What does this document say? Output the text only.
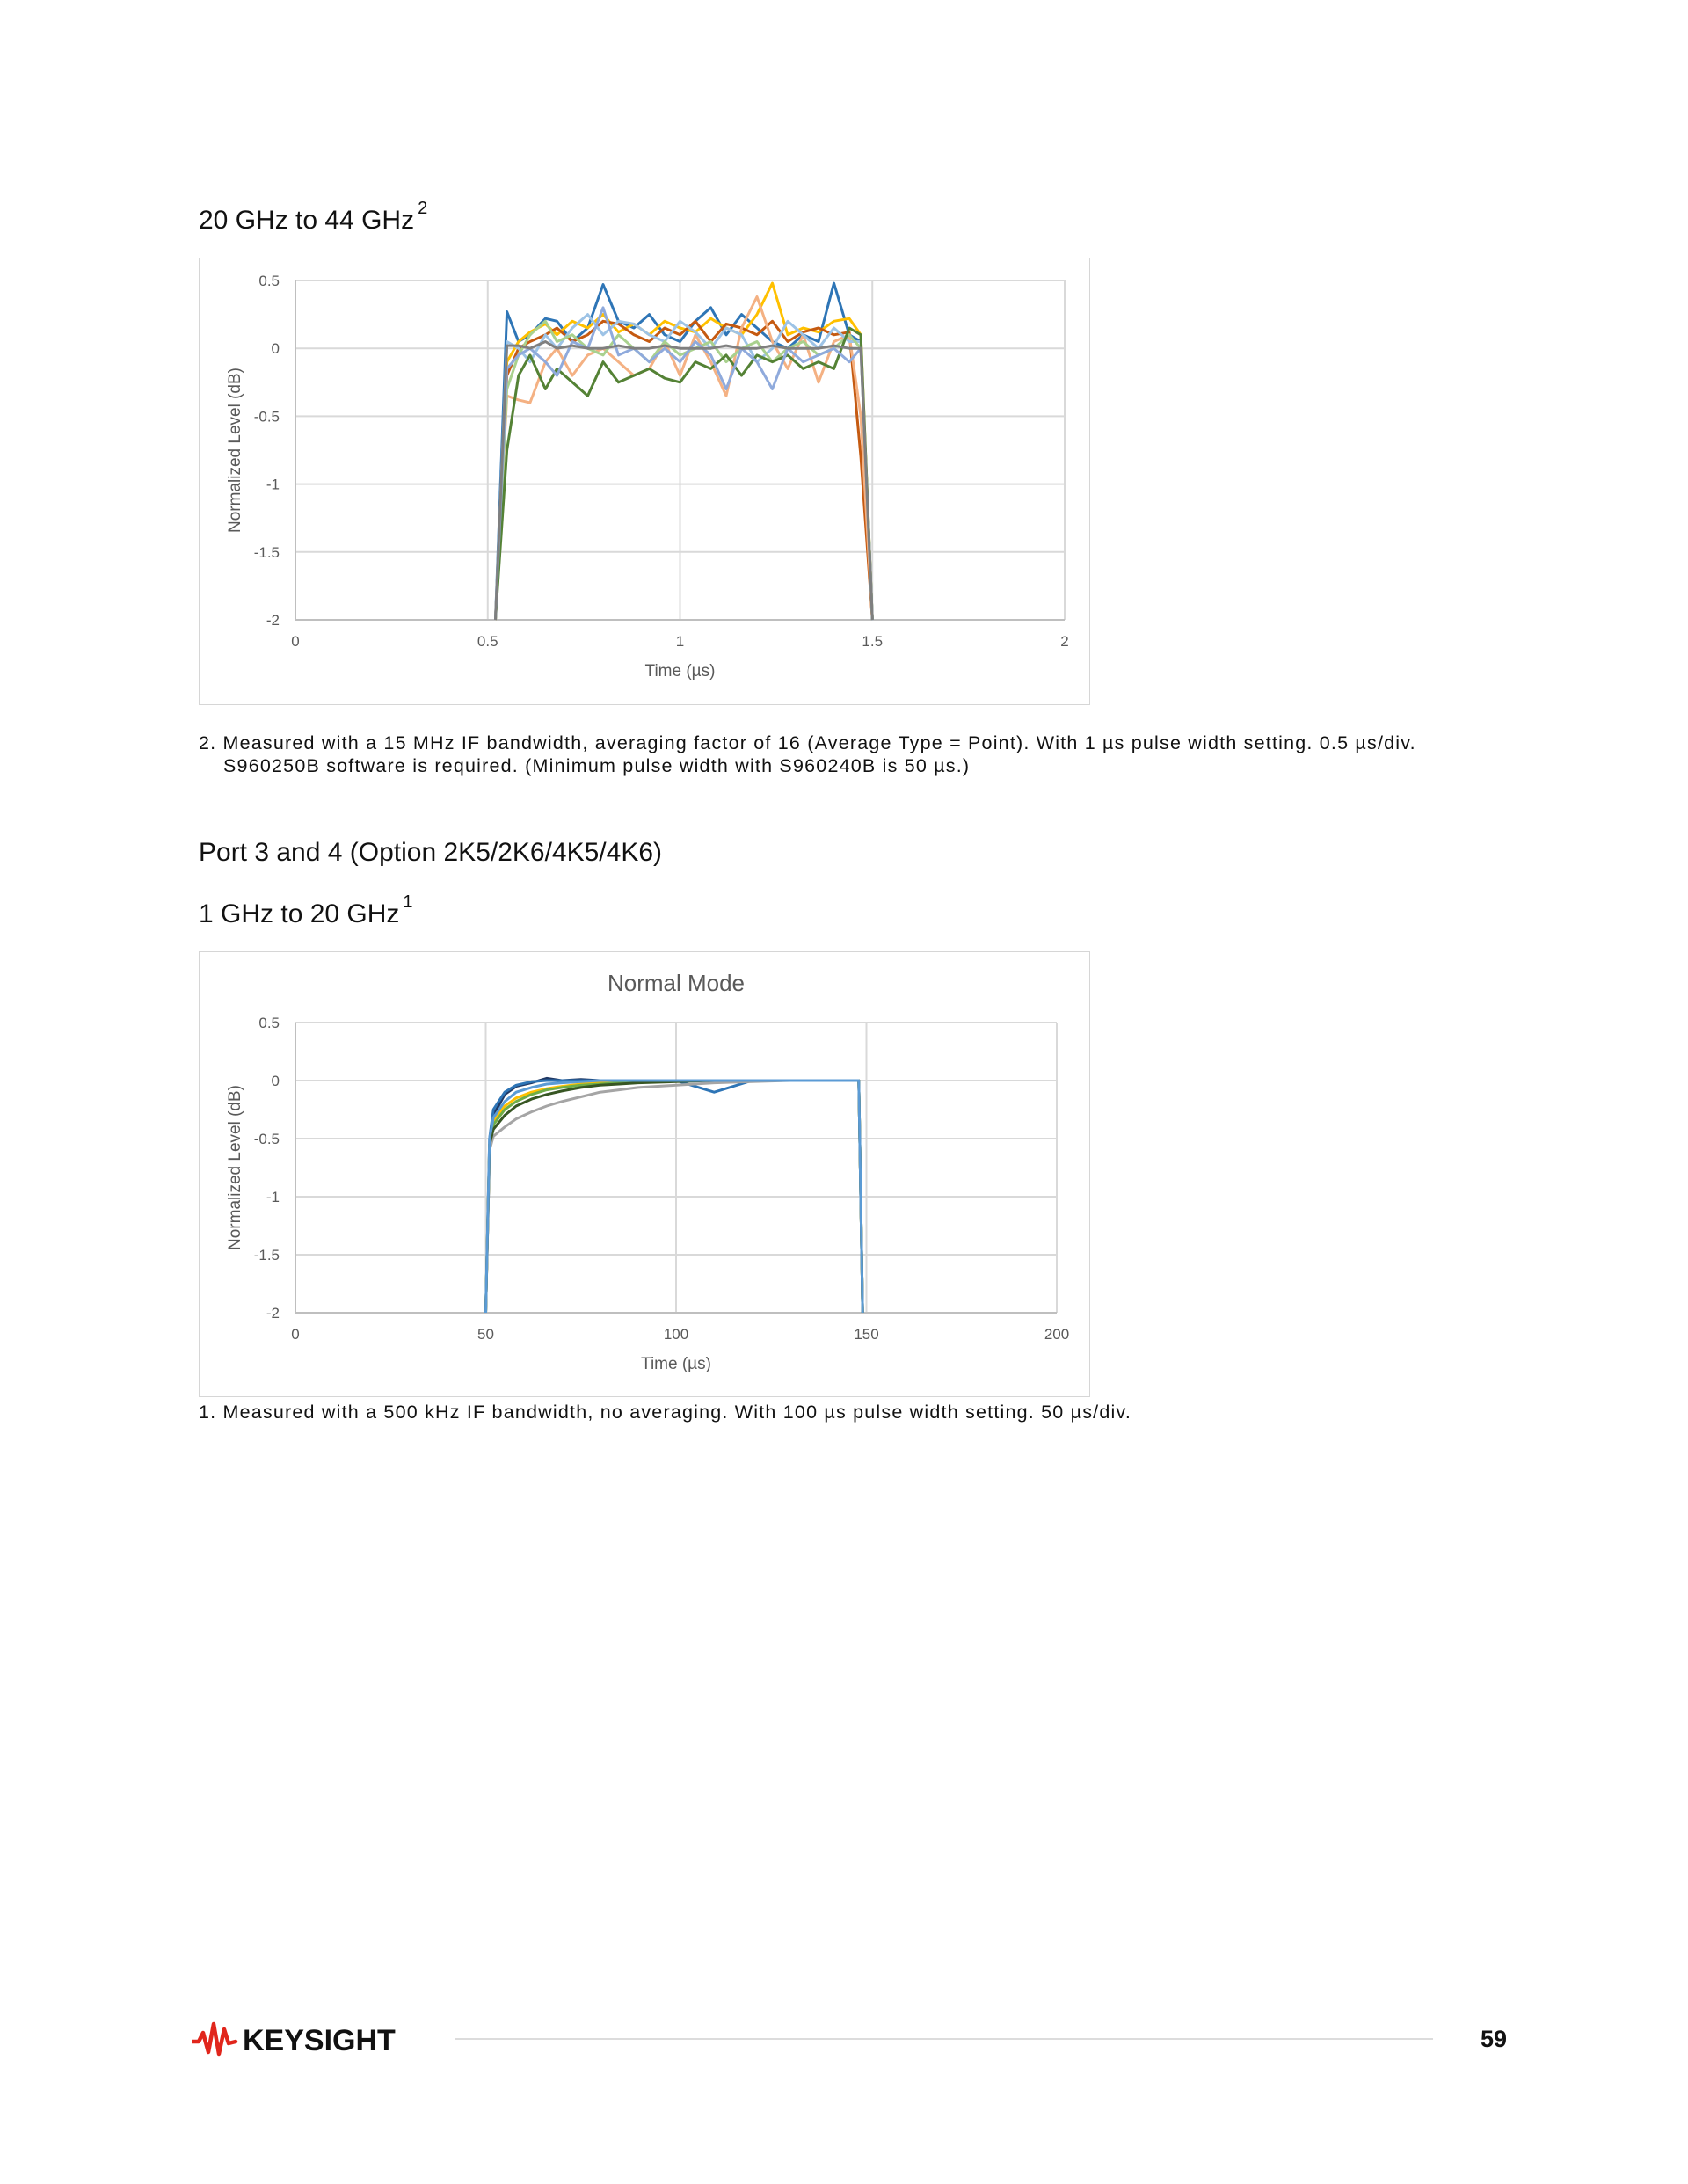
20 GHz to 44 GHz $^2$
0.5
0
-0.5
-1
-1.5
-2
0	0.5	1	1.5	2
Time (µs)
Normalized Level (dB)

2. Measured with a 15 MHz IF bandwidth, averaging factor of 16 (Average Type = Point). With 1 µs pulse width setting. 0.5 µs/div.
S960250B software is required. (Minimum pulse width with S960240B is 50 µs.)

Port 3 and 4 (Option 2K5/2K6/4K5/4K6)
1 GHz to 20 GHz $^1$
Normal Mode
0.5
0
-0.5
-1
-1.5
-2
0	50	100	150	200
Time (µs)
Normalized Level (dB)

1. Measured with a 500 kHz IF bandwidth, no averaging. With 100 µs pulse width setting. 50 µs/div.

KEYSIGHT	59
